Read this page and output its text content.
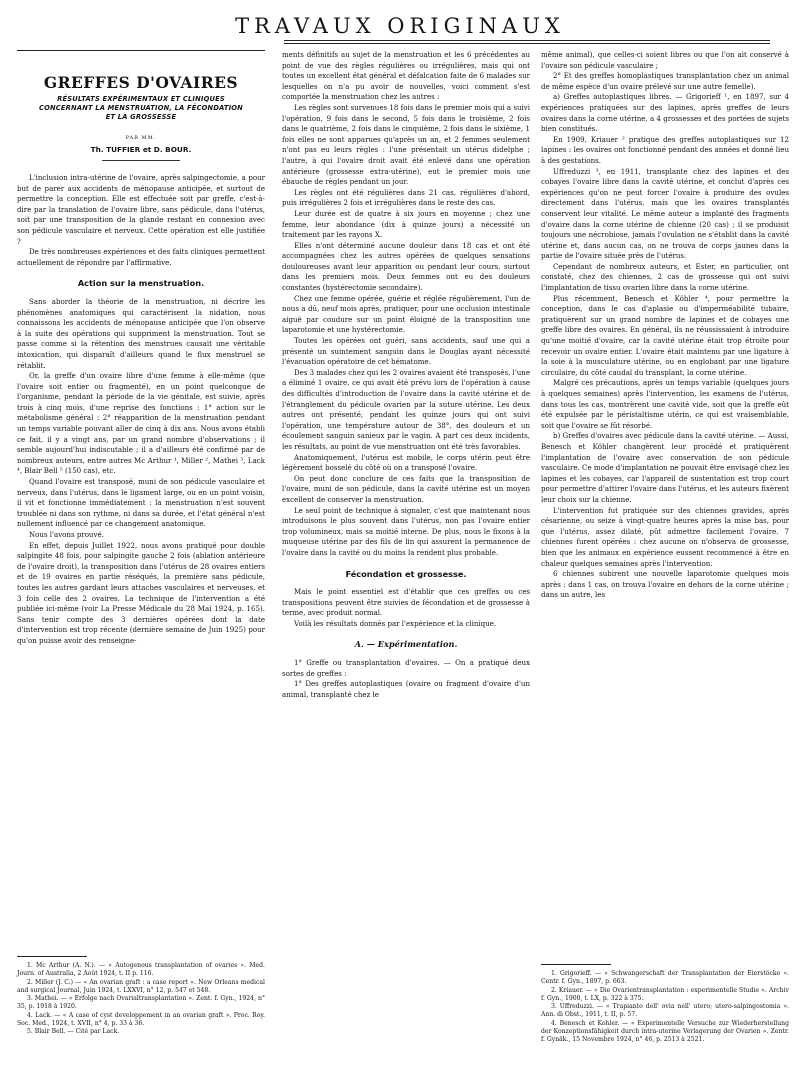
TRAVAUX ORIGINAUX
GREFFES D'OVAIRES
RÉSULTATS EXPÉRIMENTAUX ET CLINIQUES
CONCERNANT LA MENSTRUATION, LA FÉCONDATION
ET LA GROSSESSE
PAR MM.
Th. TUFFIER et D. BOUR.

L'inclusion intra-utérine de l'ovaire, après salpingectomie, a pour but de parer aux accidents de ménopause anticipée, et surtout de permettre la conception. Elle est effectuée soit par greffe, c'est-à-dire par la translation de l'ovaire libre, sans pédicule, dans l'utérus, soit par une transposition de la glande restant en connexion avec son pédicule vasculaire et nerveux. Cette opération est elle justifiée ?

De très nombreuses expériences et des faits cliniques permettent actuellement de répondre par l'affirmative.

Action sur la menstruation.

Sans aborder la théorie de la menstruation, ni décrire les phénomènes anatomiques qui caractérisent la nidation, nous connaissons les accidents de ménopause anticipée que l'on observe à la suite des opérations qui suppriment la menstruation. Tout se passe comme si la rétention des menstrues causait une véritable intoxication, qui disparaît d'ailleurs quand le flux menstruel se rétablit.

Or, la greffe d'un ovaire libre d'une femme à elle-même (que l'ovaire soit entier ou fragmenté), en un point quelconque de l'organisme, pendant la période de la vie génitale, est suivie, après trois à cinq mois, d'une reprise des fonctions : 1° action sur le métabolisme général : 2° réapparition de la menstruation pendant un temps variable pouvant aller de cinq à dix ans. Nous avons établi ce fait, il y a vingt ans, par un grand nombre d'observations ; il semble aujourd'hui indiscutable ; il a d'ailleurs été confirmé par de nombreux auteurs, entre autres Mc Arthur ¹, Miller ², Mathei ³, Lack ⁴, Blair Bell ⁵ (150 cas), etc.

Quand l'ovaire est transposé, muni de son pédicule vasculaire et nerveux, dans l'utérus, dans le ligament large, ou en un point voisin, il vit et fonctionne immédiatement : la menstruation n'est souvent troublée ni dans son rythme, ni dans sa durée, et l'état général n'est nullement influencé par ce changement anatomique.

Nous l'avons prouvé.

En effet, depuis Juillet 1922, nous avons pratiqué pour double salpingite 48 fois, pour salpingite gauche 2 fois (ablation antérieure de l'ovaire droit), la transposition dans l'utérus de 28 ovaires entiers et de 19 ovaires en partie réséqués, la première sans pédicule, toutes les autres gardant leurs attaches vasculaires et nerveuses, et 3 fois celle des 2 ovaires. La technique de l'intervention a été publiée ici-même (voir La Presse Médicale du 28 Mai 1924, p. 165). Sans tenir compte des 3 dernières opérées dont la date d'intervention est trop récente (dernière semaine de Juin 1925) pour qu'on puisse avoir des renseigne-

1. Mc Arthur (A. N.). — « Autogenous transplantation of ovaries ». Med. Journ. of Australia, 2 Août 1924, t. II p. 116.
2. Miller (J. C.) — « An ovarian graft : a case report ». New Orleans medical and surgical Journal, Juin 1924, t. LXXVI, n° 12, p. 547 et 548.
3. Mathei. — « Erfolge nach Ovarialtransplantation ». Zent. f. Gyn., 1924, n° 35, p. 1918 à 1920.
4. Lack. — « A case of cyst developpement in an ovarian graft ». Proc. Roy. Soc. Med., 1924, t. XVII, n° 4, p. 33 à 36.
5. Blair Bell. — Cité par Lack.

ments définitifs au sujet de la menstruation et les 6 précédentes au point de vue des règles régulières ou irrégulières, mais qui ont toutes un excellent état général et défalcation faite de 6 malades sur lesquelles on n'a pu avoir de nouvelles, voici comment s'est comportée la menstruation chez les autres :

Les règles sont survenues 18 fois dans le premier mois qui a suivi l'opération, 9 fois dans le second, 5 fois dans le troisième, 2 fois dans le quatrième, 2 fois dans le cinquième, 2 fois dans le sixième, 1 fois elles ne sont apparues qu'après un an, et 2 femmes seulement n'ont pas eu leurs règles : l'une présentait un utérus didelphe ; l'autre, à qui l'ovaire droit avait été enlevé dans une opération antérieure (grossesse extra-utérine), eut le premier mois une ébauche de règles pendant un jour.

Les règles ont été régulières dans 21 cas, régulières d'abord, puis irrégulières 2 fois et irrégulières dans le reste des cas.

Leur durée est de quatre à six jours en moyenne ; chez une femme, leur abondance (dix à quinze jours) a nécessité un traitement par les rayons X.

Elles n'ont déterminé aucune douleur dans 18 cas et ont été accompagnées chez les autres opérées de quelques sensations douloureuses avant leur apparition ou pendant leur cours, surtout dans les premiers mois. Deux femmes ont eu des douleurs constantes (hystérectomie secondaire).

Chez une femme opérée, guérie et réglée régulièrement, l'un de nous a dû, neuf mois après, pratiquer, pour une occlusion intestinale aiguë par coudure sur un point éloigné de la transposition une laparotomie et une hystérectomie.

Toutes les opérées ont guéri, sans accidents, sauf une qui a présenté un suintement sanguin dans le Douglas ayant nécessité l'évacuation opératoire de cet hématome.

Des 3 malades chez qui les 2 ovaires avaient été transposés, l'une a éliminé 1 ovaire, ce qui avait été prévu lors de l'opération à cause des difficultés d'introduction de l'ovaire dans la cavité utérine et de l'étranglement du pédicule ovarien par la suture utérine. Les deux autres ont présenté, pendant les quinze jours qui ont suivi l'opération, une température autour de 38°, des douleurs et un écoulement sanguin sanieux par le vagin. A part ces deux incidents, les résultats, au point de vue menstruation ont été très favorables.

Anatomiquement, l'utérus est mobile, le corps utérin peut être légèrement bosselé du côté où on a transposé l'ovaire.

On peut donc conclure de ces faits que la transposition de l'ovaire, muni de son pédicule, dans la cavité utérine est un moyen excellent de conserver la menstruation.

Le seul point de technique à signaler, c'est que maintenant nous introduisons le plus souvent dans l'utérus, non pas l'ovaire entier trop volumineux, mais sa moitié interne. De plus, nous le fixons à la muqueuse utérine par des fils de lin qui assurent la permanence de l'ovaire dans la cavité ou du moins la rendent plus probable.

Fécondation et grossesse.

Mais le point essentiel est d'établir que ces greffes ou ces transpositions peuvent être suivies de fécondation et de grossesse à terme, avec produit normal.

Voilà les résultats donnés par l'expérience et la clinique.

A. — Expérimentation.

1° Greffe ou transplantation d'ovaires. — On a pratiqué deux sortes de greffes :

1° Des greffes autoplastiques (ovaire ou fragment d'ovaire d'un animal, transplanté chez le

même animal), que celles-ci soient libres ou que l'on ait conservé à l'ovaire son pédicule vasculaire ;

2° Et des greffes homoplastiques transplantation chez un animal de même espèce d'un ovaire prélevé sur une autre femelle).

a) Greffes autoplastiques libres. — Grigorieff ¹, en 1897, sur 4 expériences pratiquées sur des lapines, après greffes de leurs ovaires dans la corne utérine, a 4 grossesses et des portées de sujets bien constitués.

En 1909, Kriauer ² pratique des greffes autoplastiques sur 12 lapines : les ovaires ont fonctionné pendant des années et donné lieu à des gestations.

Uffreduzzi ³, en 1911, transplante chez des lapines et des cobayes l'ovaire libre dans la cavité utérine, et conclut d'après ces expériences qu'on ne peut forcer l'ovaire à produire des ovules directement dans l'utérus, mais que les ovaires transplantés conservent leur vitalité. Le même auteur a implanté des fragments d'ovaire dans la corne utérine de chienne (20 cas) ; il se produisit toujours une nécrobiose, jamais l'ovulation ne s'établit dans la cavité utérine et, dans aucun cas, on ne trouva de corps jaunes dans la partie de l'ovaire située près de l'utérus.

Cependant de nombreux auteurs, et Ester, en particulier, ont constaté, chez des chiennes, 2 cas de grossesse qui ont suivi l'implantation de tissu ovarien libre dans la corne utérine.

Plus récemment, Benesch et Köhler ⁴, pour permettre la conception, dans le cas d'aplasie ou d'imperméabilité tubaire, pratiquèrent sur un grand nombre de lapines et de cobayes une greffe libre des ovaires. En général, ils ne réussissaient à introduire qu'une moitié d'ovaire, car la cavité utérine était trop étroite pour recevoir un ovaire entier. L'ovaire était maintenu par une ligature à la soie à la musculature utérine, ou en englobant par une ligature circulaire, du côté caudal du transplant, la corne utérine.

Malgré ces précautions, après un temps variable (quelques jours à quelques semaines) après l'intervention, les examens de l'utérus, dans tous les cas, montrèrent une cavité vide, soit que la greffe eût été expulsée par le péristaltisme utérin, ce qui est vraisemblable, soit que l'ovaire se fût résorbé.

b) Greffes d'ovaires avec pédicule dans la cavité utérine. — Aussi, Benesch et Köhler changèrent leur procédé et pratiquèrent l'implantation de l'ovaire avec conservation de son pédicule vasculaire. Ce mode d'implantation ne pouvait être envisagé chez les lapines et les cobayes, car l'appareil de sustentation est trop court pour permettre d'attirer l'ovaire dans l'utérus, et les auteurs fixèrent leur choix sur la chienne.

L'intervention fut pratiquée sur des chiennes gravides, après césarienne, ou seize à vingt-quatre heures après la mise bas, pour que l'utérus, assez dilaté, pût admettre facilement l'ovaire. 7 chiennes furent opérées : chez aucune on n'observa de grossesse, bien que les animaux en expérience eussent recommencé à être en chaleur quelques semaines après l'intervention.

6 chiennes subirent une nouvelle laparotomie quelques mois après : dans 1 cas, on trouva l'ovaire en dehors de la corne utérine ; dans un autre, les

1. Grigorieff. — « Schwangerschaft der Transplantation der Eierstöcke ». Centr. f. Gyn., 1897, p. 663.
2. Kriauer. — « Die Ovarientransplantation : experimentelle Studie ». Archiv f. Gyn., 1900, t. LX, p. 322 à 375.
3. Uffreduzzi. — « Trapianto dell' ovia nell' utero; utero-salpingostomia ». Ann. di Obst., 1911, t. II, p. 57.
4. Benesch et Kohler. — « Experimentelle Versuche zur Wiederherstellung der Konzeptionsfähigkeit durch intra-uterine Verlagerung der Ovarien ». Zentr. f. Gynäk., 15 Novembre 1924, n° 46, p. 2513 à 2521.
